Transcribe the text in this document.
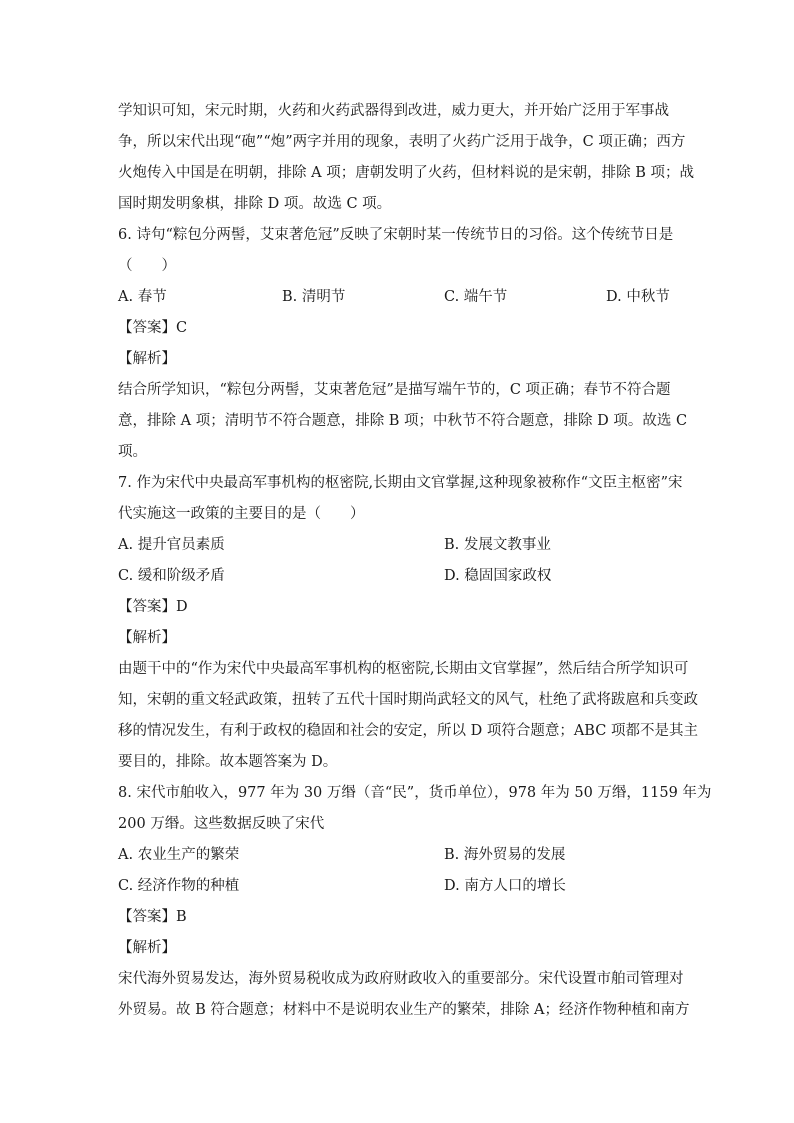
学知识可知，宋元时期，火药和火药武器得到改进，威力更大，并开始广泛用于军事战
争，所以宋代出现“砲”“炮”两字并用的现象，表明了火药广泛用于战争，C 项正确；西方
火炮传入中国是在明朝，排除 A 项；唐朝发明了火药，但材料说的是宋朝，排除 B 项；战
国时期发明象棋，排除 D 项。故选 C 项。
6. 诗句“粽包分两髻，艾束著危冠”反映了宋朝时某一传统节日的习俗。这个传统节日是
（　　）
A. 春节	B. 清明节	C. 端午节	D. 中秋节
【答案】C
【解析】
结合所学知识，“粽包分两髻，艾束著危冠”是描写端午节的，C 项正确；春节不符合题
意，排除 A 项；清明节不符合题意，排除 B 项；中秋节不符合题意，排除 D 项。故选 C
项。
7. 作为宋代中央最高军事机构的枢密院,长期由文官掌握,这种现象被称作“文臣主枢密”宋
代实施这一政策的主要目的是（　　）
A. 提升官员素质	B. 发展文教事业
C. 缓和阶级矛盾	D. 稳固国家政权
【答案】D
【解析】
由题干中的“作为宋代中央最高军事机构的枢密院,长期由文官掌握”，然后结合所学知识可
知，宋朝的重文轻武政策，扭转了五代十国时期尚武轻文的风气，杜绝了武将跋扈和兵变政
移的情况发生，有利于政权的稳固和社会的安定，所以 D 项符合题意；ABC 项都不是其主
要目的，排除。故本题答案为 D。
8. 宋代市舶收入，977 年为 30 万缗（音“民”，货币单位），978 年为 50 万缗，1159 年为
200 万缗。这些数据反映了宋代
A. 农业生产的繁荣	B. 海外贸易的发展
C. 经济作物的种植	D. 南方人口的增长
【答案】B
【解析】
宋代海外贸易发达，海外贸易税收成为政府财政收入的重要部分。宋代设置市舶司管理对
外贸易。故 B 符合题意；材料中不是说明农业生产的繁荣，排除 A；经济作物种植和南方
